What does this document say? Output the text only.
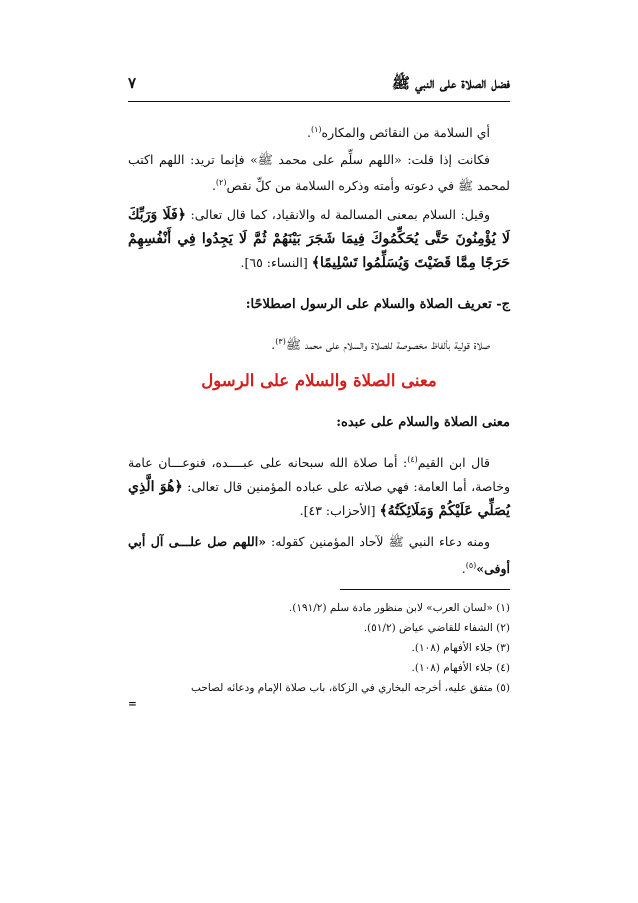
فضل الصلاة على النبي ﷺ
٧
أي السلامة من النقائص والمكاره$^{(١)}$.
فكانت إذا قلت: «اللهم سلِّم على محمد ﷺ» فإنما تريد: اللهم اكتب لمحمد ﷺ في دعوته وأمته وذكره السلامة من كلِّ نقص$^{(٢)}$.
وقيل: السلام بمعنى المسالمة له والانقياد، كما قال تعالى: ﴿فَلَا وَرَبِّكَ لَا يُؤْمِنُونَ حَتَّى يُحَكِّمُوكَ فِيمَا شَجَرَ بَيْنَهُمْ ثُمَّ لَا يَجِدُوا فِي أَنْفُسِهِمْ حَرَجًا مِمَّا قَضَيْتَ وَيُسَلِّمُوا تَسْلِيمًا﴾ [النساء: ٦٥].
ج- تعريف الصلاة والسلام على الرسول اصطلاحًا:
صلاة قولية بألفاظ مخصوصة للصلاة والسلام على محمد ﷺ$^{(٣)}$.
معنى الصلاة والسلام على الرسول
معنى الصلاة والسلام على عبده:
قال ابن القيم$^{(٤)}$: أما صلاة الله سبحانه على عبــــده، فنوعـــان عامة وخاصة، أما العامة: فهي صلاته على عباده المؤمنين قال تعالى: ﴿هُوَ الَّذِي يُصَلِّي عَلَيْكُمْ وَمَلَائِكَتُهُ﴾ [الأحزاب: ٤٣].
ومنه دعاء النبي ﷺ لآحاد المؤمنين كقوله: «اللهم صل علـــى آل أبي أوفى»$^{(٥)}$.
(١) «لسان العرب» لابن منظور مادة سلم (١٩١/٢).
(٢) الشفاء للقاضي عياض (٥١/٢).
(٣) جلاء الأفهام (١٠٨).
(٤) جلاء الأفهام (١٠٨).
(٥) متفق عليه، أخرجه البخاري في الزكاة، باب صلاة الإمام ودعائه لصاحب
=
